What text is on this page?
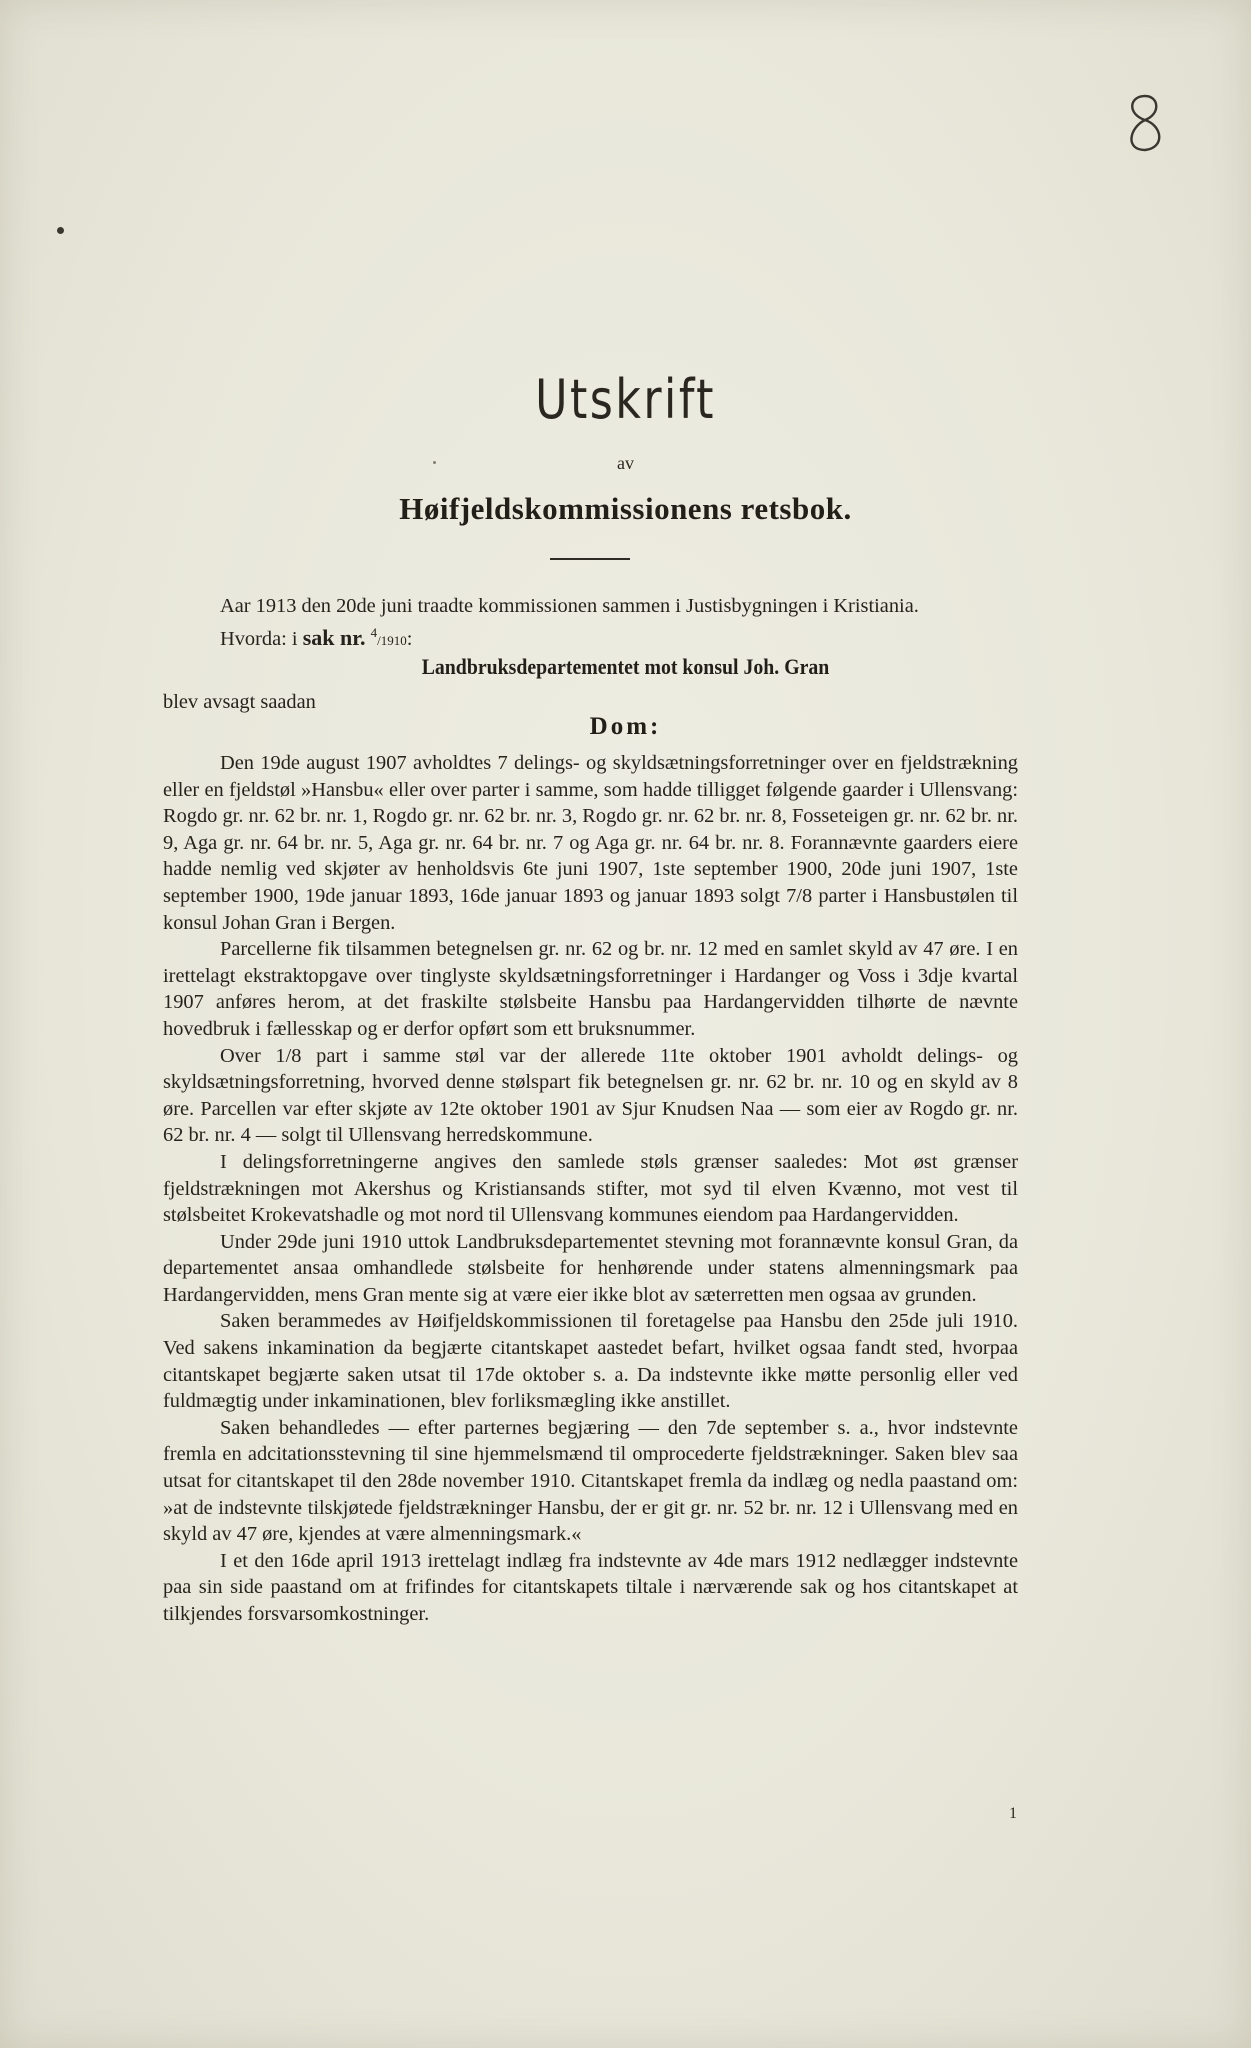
Utskrift
av
Høifjeldskommissionens retsbok.
Aar 1913 den 20de juni traadte kommissionen sammen i Justisbygningen i Kristiania.
Hvorda: i sak nr. $^4$/1910:
Landbruksdepartementet mot konsul Joh. Gran
blev avsagt saadan
Dom:

Den 19de august 1907 avholdtes 7 delings- og skyldsætningsforretninger over en fjeldstrækning eller en fjeldstøl »Hansbu« eller over parter i samme, som hadde tilligget følgende gaarder i Ullensvang: Rogdo gr. nr. 62 br. nr. 1, Rogdo gr. nr. 62 br. nr. 3, Rogdo gr. nr. 62 br. nr. 8, Fosseteigen gr. nr. 62 br. nr. 9, Aga gr. nr. 64 br. nr. 5, Aga gr. nr. 64 br. nr. 7 og Aga gr. nr. 64 br. nr. 8. Forannævnte gaarders eiere hadde nemlig ved skjøter av henholdsvis 6te juni 1907, 1ste september 1900, 20de juni 1907, 1ste september 1900, 19de januar 1893, 16de januar 1893 og januar 1893 solgt 7/8 parter i Hansbustølen til konsul Johan Gran i Bergen.

Parcellerne fik tilsammen betegnelsen gr. nr. 62 og br. nr. 12 med en samlet skyld av 47 øre. I en irettelagt ekstraktopgave over tinglyste skyldsætningsforretninger i Hardanger og Voss i 3dje kvartal 1907 anføres herom, at det fraskilte stølsbeite Hansbu paa Hardangervidden tilhørte de nævnte hovedbruk i fællesskap og er derfor opført som ett bruksnummer.

Over 1/8 part i samme støl var der allerede 11te oktober 1901 avholdt delings- og skyldsætningsforretning, hvorved denne stølspart fik betegnelsen gr. nr. 62 br. nr. 10 og en skyld av 8 øre. Parcellen var efter skjøte av 12te oktober 1901 av Sjur Knudsen Naa — som eier av Rogdo gr. nr. 62 br. nr. 4 — solgt til Ullensvang herredskommune.

I delingsforretningerne angives den samlede støls grænser saaledes: Mot øst grænser fjeldstrækningen mot Akershus og Kristiansands stifter, mot syd til elven Kvænno, mot vest til stølsbeitet Krokevatshadle og mot nord til Ullensvang kommunes eiendom paa Hardangervidden.

Under 29de juni 1910 uttok Landbruksdepartementet stevning mot forannævnte konsul Gran, da departementet ansaa omhandlede stølsbeite for henhørende under statens almenningsmark paa Hardangervidden, mens Gran mente sig at være eier ikke blot av sæterretten men ogsaa av grunden.

Saken berammedes av Høifjeldskommissionen til foretagelse paa Hansbu den 25de juli 1910. Ved sakens inkamination da begjærte citantskapet aastedet befart, hvilket ogsaa fandt sted, hvorpaa citantskapet begjærte saken utsat til 17de oktober s. a. Da indstevnte ikke møtte personlig eller ved fuldmægtig under inkaminationen, blev forliksmægling ikke anstillet.

Saken behandledes — efter parternes begjæring — den 7de september s. a., hvor indstevnte fremla en adcitationsstevning til sine hjemmelsmænd til omprocederte fjeldstrækninger. Saken blev saa utsat for citantskapet til den 28de november 1910. Citantskapet fremla da indlæg og nedla paastand om: »at de indstevnte tilskjøtede fjeldstrækninger Hansbu, der er git gr. nr. 52 br. nr. 12 i Ullensvang med en skyld av 47 øre, kjendes at være almenningsmark.«

I et den 16de april 1913 irettelagt indlæg fra indstevnte av 4de mars 1912 nedlægger indstevnte paa sin side paastand om at frifindes for citantskapets tiltale i nærværende sak og hos citantskapet at tilkjendes forsvarsomkostninger.

1
